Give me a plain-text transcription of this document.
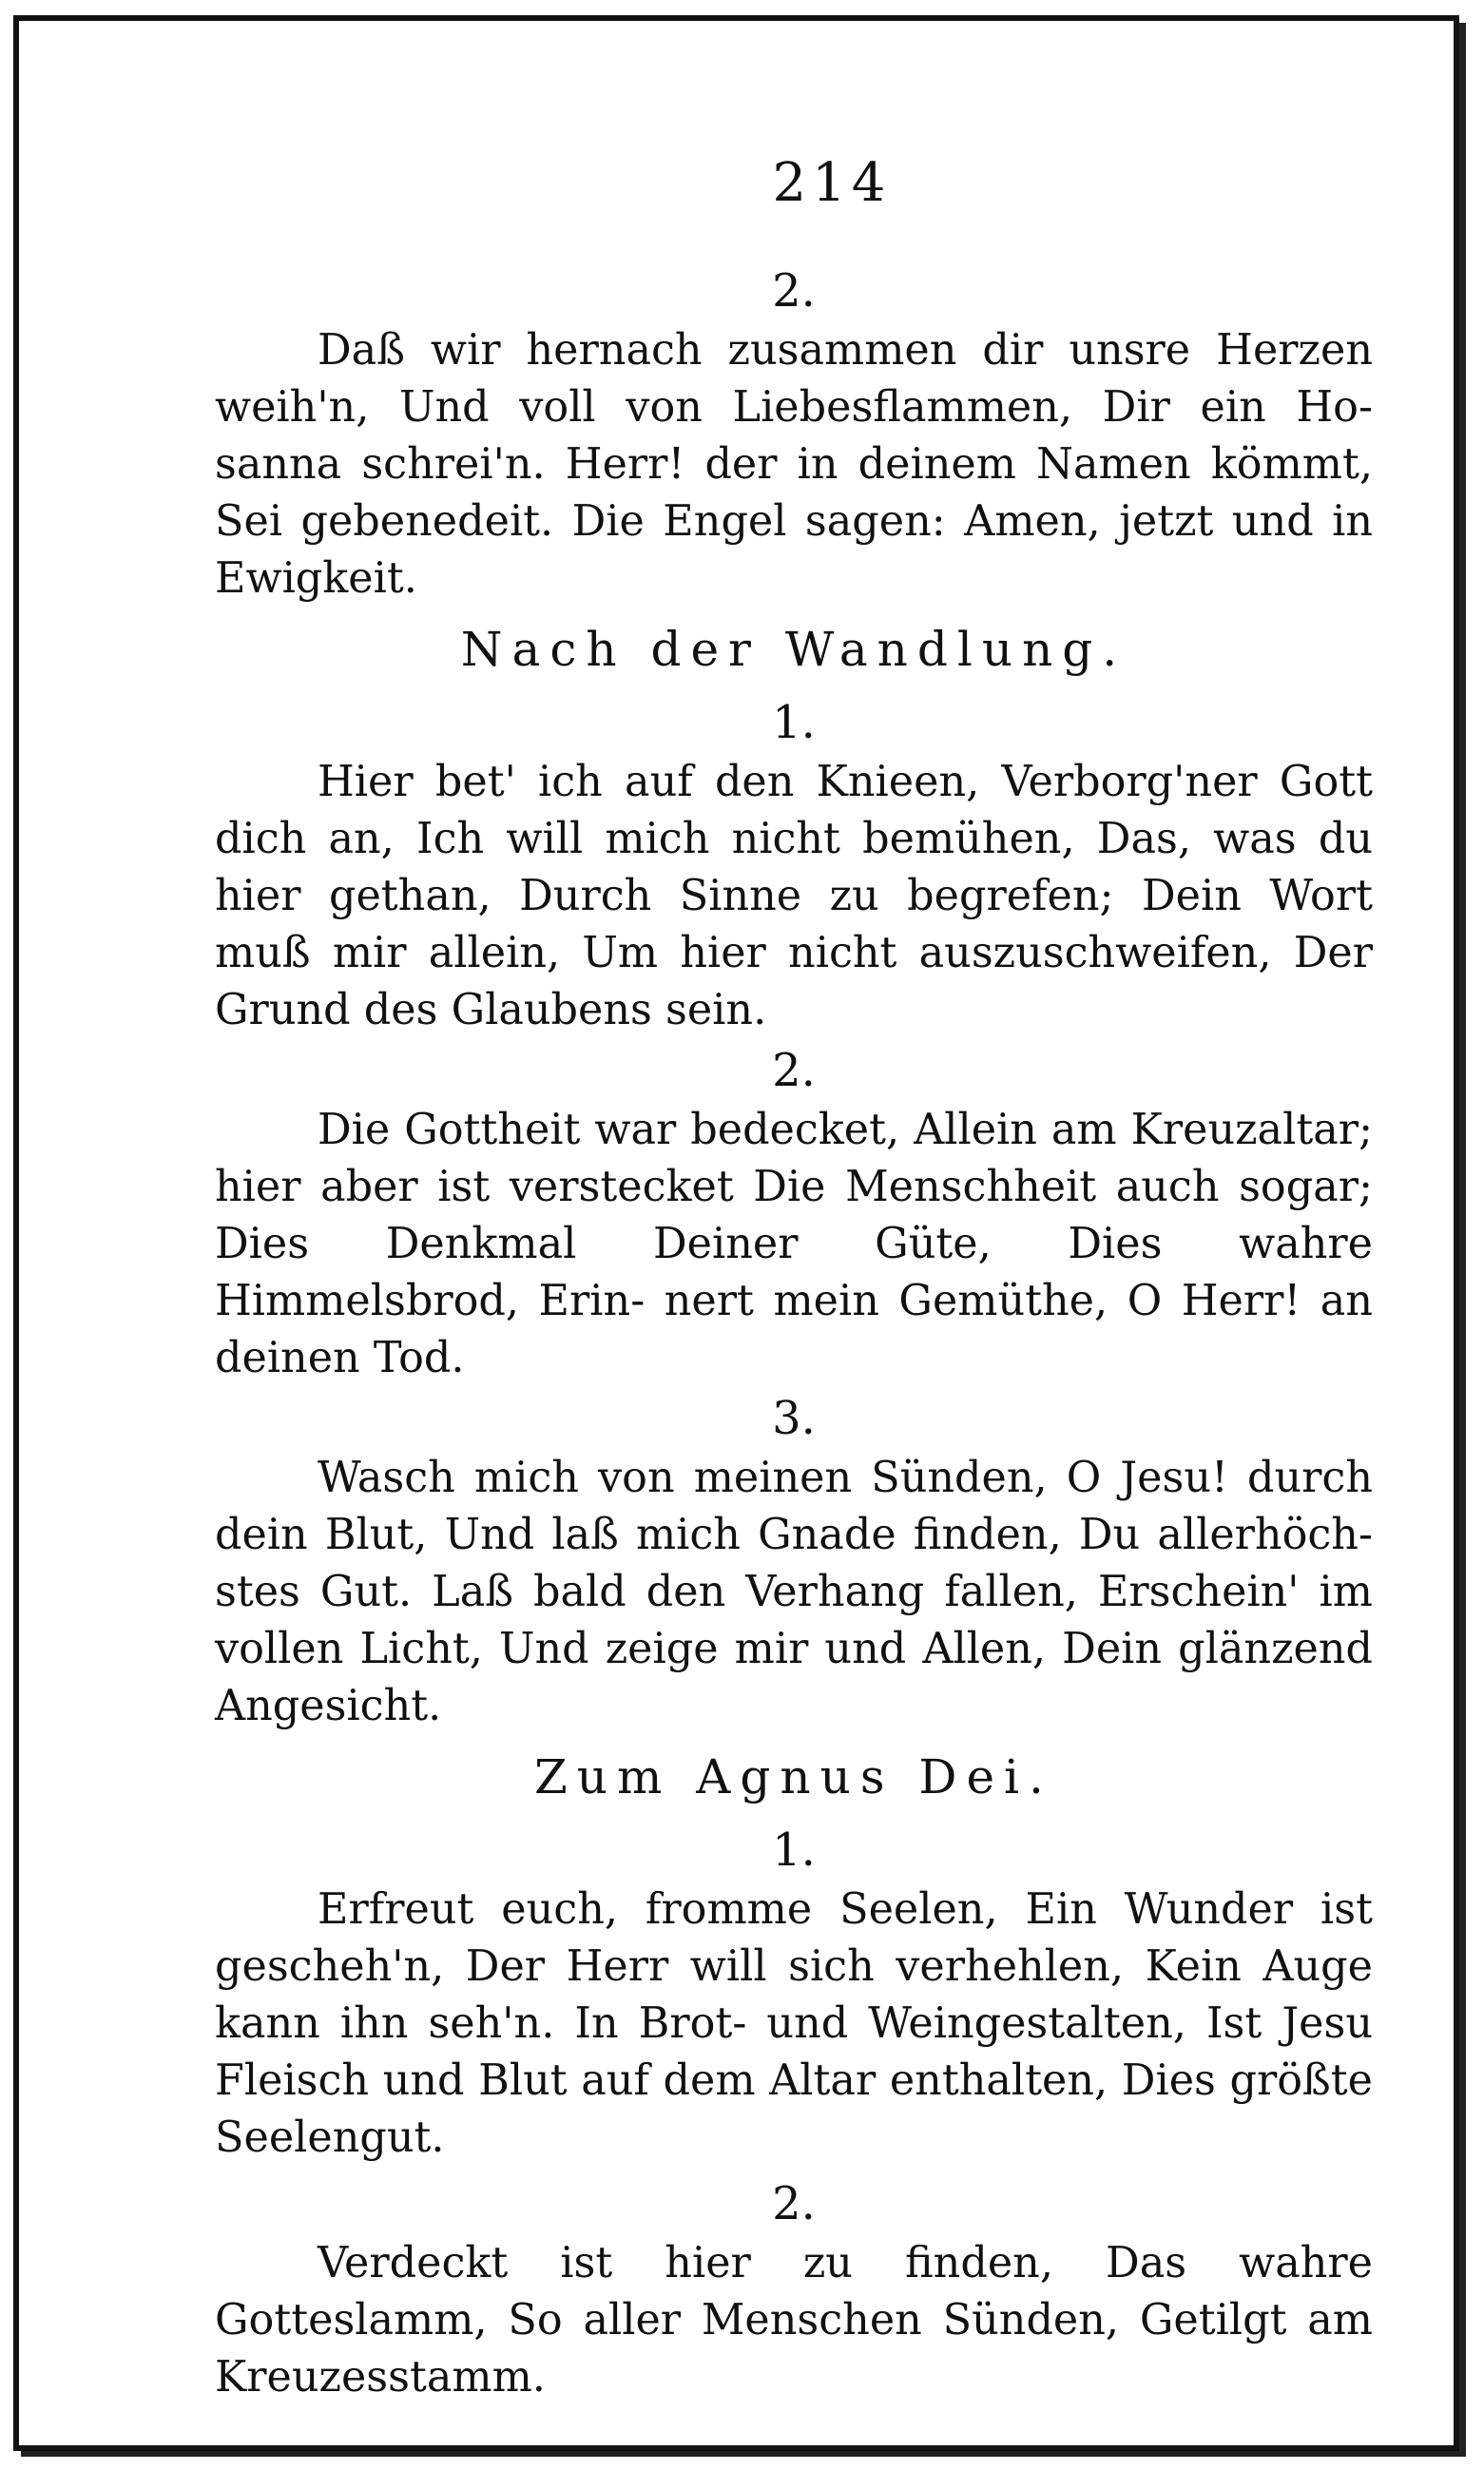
214

2.

Daß wir hernach zusammen dir unsre Herzen weih'n, Und voll von Liebesflammen, Dir ein Ho- sanna schrei'n. Herr! der in deinem Namen kömmt, Sei gebenedeit. Die Engel sagen: Amen, jetzt und in Ewigkeit.

Nach der Wandlung.

1.

Hier bet' ich auf den Knieen, Verborg'ner Gott dich an, Ich will mich nicht bemühen, Das, was du hier gethan, Durch Sinne zu begrefen; Dein Wort muß mir allein, Um hier nicht auszuschweifen, Der Grund des Glaubens sein.

2.

Die Gottheit war bedecket, Allein am Kreuzaltar; hier aber ist verstecket Die Menschheit auch sogar; Dies Denkmal Deiner Güte, Dies wahre Himmelsbrod, Erin- nert mein Gemüthe, O Herr! an deinen Tod.

3.

Wasch mich von meinen Sünden, O Jesu! durch dein Blut, Und laß mich Gnade finden, Du allerhöch- stes Gut. Laß bald den Verhang fallen, Erschein' im vollen Licht, Und zeige mir und Allen, Dein glänzend Angesicht.

Zum Agnus Dei.

1.

Erfreut euch, fromme Seelen, Ein Wunder ist gescheh'n, Der Herr will sich verhehlen, Kein Auge kann ihn seh'n. In Brot- und Weingestalten, Ist Jesu Fleisch und Blut auf dem Altar enthalten, Dies größte Seelengut.

2.

Verdeckt ist hier zu finden, Das wahre Gotteslamm, So aller Menschen Sünden, Getilgt am Kreuzesstamm.
